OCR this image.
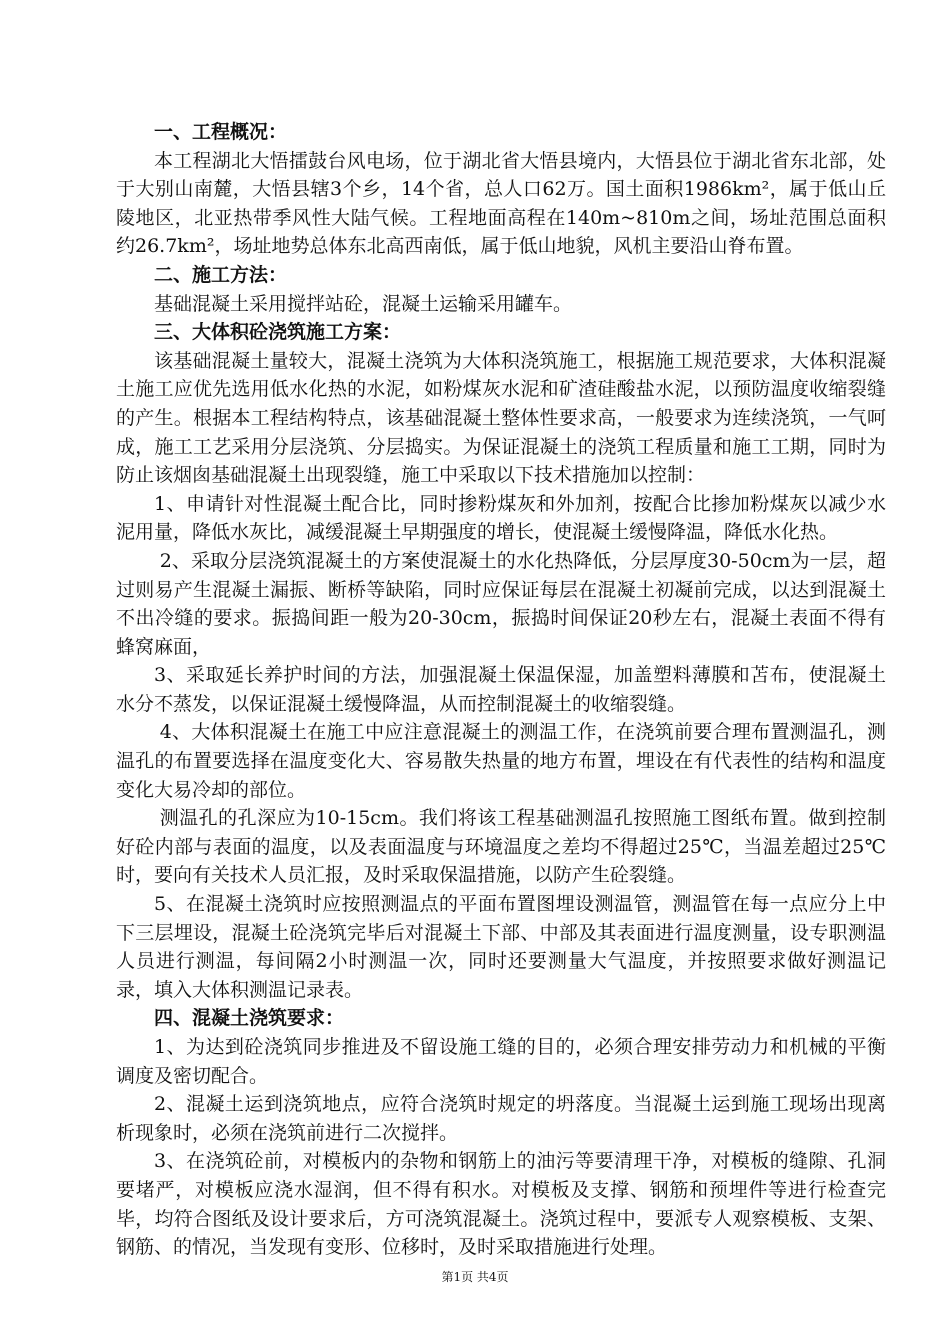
一、工程概况：

本工程湖北大悟擂鼓台风电场，位于湖北省大悟县境内，大悟县位于湖北省东北部，处于大别山南麓，大悟县辖3个乡，14个省，总人口62万。国土面积1986km²，属于低山丘陵地区，北亚热带季风性大陆气候。工程地面高程在140m~810m之间，场址范围总面积约26.7km²，场址地势总体东北高西南低，属于低山地貌，风机主要沿山脊布置。

二、施工方法：

基础混凝土采用搅拌站砼，混凝土运输采用罐车。

三、大体积砼浇筑施工方案：

该基础混凝土量较大，混凝土浇筑为大体积浇筑施工，根据施工规范要求，大体积混凝土施工应优先选用低水化热的水泥，如粉煤灰水泥和矿渣硅酸盐水泥，以预防温度收缩裂缝的产生。根据本工程结构特点，该基础混凝土整体性要求高，一般要求为连续浇筑，一气呵成，施工工艺采用分层浇筑、分层捣实。为保证混凝土的浇筑工程质量和施工工期，同时为防止该烟囱基础混凝土出现裂缝，施工中采取以下技术措施加以控制：

1、申请针对性混凝土配合比，同时掺粉煤灰和外加剂，按配合比掺加粉煤灰以减少水泥用量，降低水灰比，减缓混凝土早期强度的增长，使混凝土缓慢降温，降低水化热。

2、采取分层浇筑混凝土的方案使混凝土的水化热降低，分层厚度30-50cm为一层，超过则易产生混凝土漏振、断桥等缺陷，同时应保证每层在混凝土初凝前完成，以达到混凝土不出冷缝的要求。振捣间距一般为20-30cm，振捣时间保证20秒左右，混凝土表面不得有蜂窝麻面，

3、采取延长养护时间的方法，加强混凝土保温保湿，加盖塑料薄膜和苫布，使混凝土水分不蒸发，以保证混凝土缓慢降温，从而控制混凝土的收缩裂缝。

4、大体积混凝土在施工中应注意混凝土的测温工作，在浇筑前要合理布置测温孔，测温孔的布置要选择在温度变化大、容易散失热量的地方布置，埋设在有代表性的结构和温度变化大易冷却的部位。

测温孔的孔深应为10-15cm。我们将该工程基础测温孔按照施工图纸布置。做到控制好砼内部与表面的温度，以及表面温度与环境温度之差均不得超过25℃，当温差超过25℃时，要向有关技术人员汇报，及时采取保温措施，以防产生砼裂缝。

5、在混凝土浇筑时应按照测温点的平面布置图埋设测温管，测温管在每一点应分上中下三层埋设，混凝土砼浇筑完毕后对混凝土下部、中部及其表面进行温度测量，设专职测温人员进行测温，每间隔2小时测温一次，同时还要测量大气温度，并按照要求做好测温记录，填入大体积测温记录表。

四、混凝土浇筑要求：

1、为达到砼浇筑同步推进及不留设施工缝的目的，必须合理安排劳动力和机械的平衡调度及密切配合。

2、混凝土运到浇筑地点，应符合浇筑时规定的坍落度。当混凝土运到施工现场出现离析现象时，必须在浇筑前进行二次搅拌。

3、在浇筑砼前，对模板内的杂物和钢筋上的油污等要清理干净，对模板的缝隙、孔洞要堵严，对模板应浇水湿润，但不得有积水。对模板及支撑、钢筋和预埋件等进行检查完毕，均符合图纸及设计要求后，方可浇筑混凝土。浇筑过程中，要派专人观察模板、支架、钢筋、的情况，当发现有变形、位移时，及时采取措施进行处理。

第1页 共4页
